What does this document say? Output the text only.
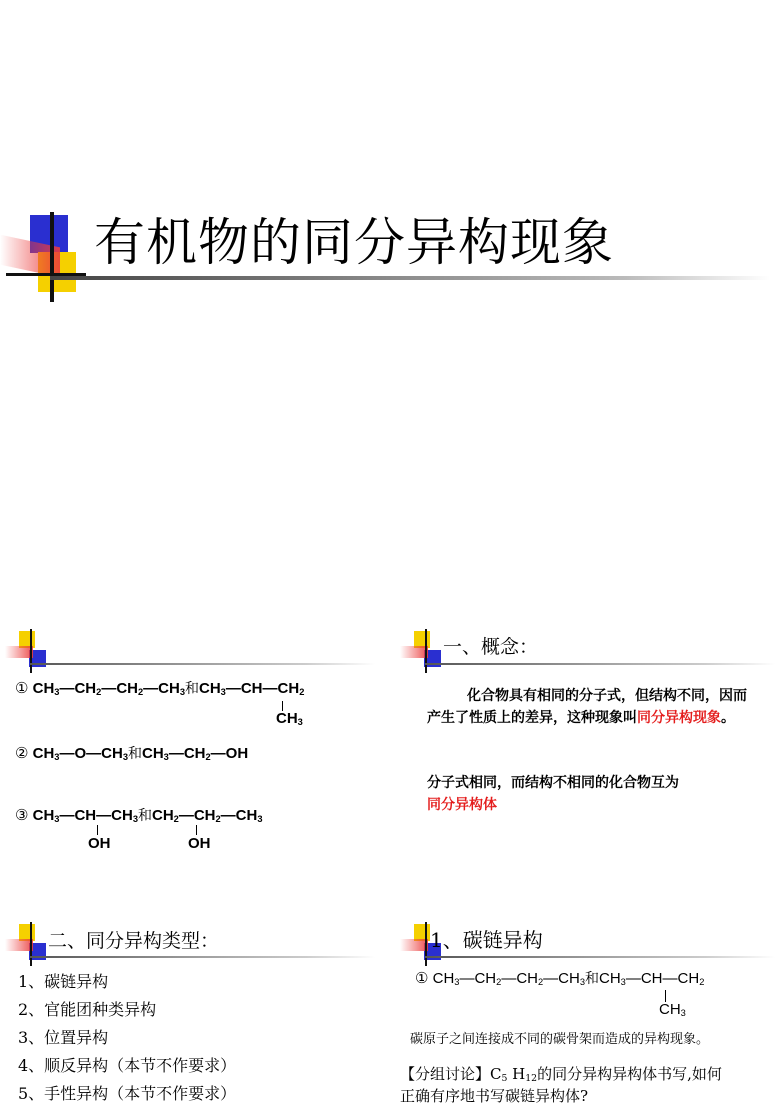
有机物的同分异构现象
① $CH_3—CH_2—CH_2—CH_3$和$CH_3—CH—CH_2$
$CH_3$
② $CH_3—O—CH_3$和$CH_3—CH_2—OH$
③ $CH_3—CH—CH_3$和$CH_2—CH_2—CH_3$
OH	OH
一、概念：
化合物具有相同的分子式，但结构不同，因而产生了性质上的差异，这种现象叫同分异构现象。
分子式相同，而结构不相同的化合物互为
同分异构体
二、同分异构类型：
1、碳链异构
2、官能团种类异构
3、位置异构
4、顺反异构（本节不作要求）
5、手性异构（本节不作要求）
1、碳链异构
① $CH_3—CH_2—CH_2—CH_3$和$CH_3—CH—CH_2$
$CH_3$
碳原子之间连接成不同的碳骨架而造成的异构现象。
【分组讨论】$C_5$ $H_{12}$的同分异构异构体书写,如何
正确有序地书写碳链异构体?
